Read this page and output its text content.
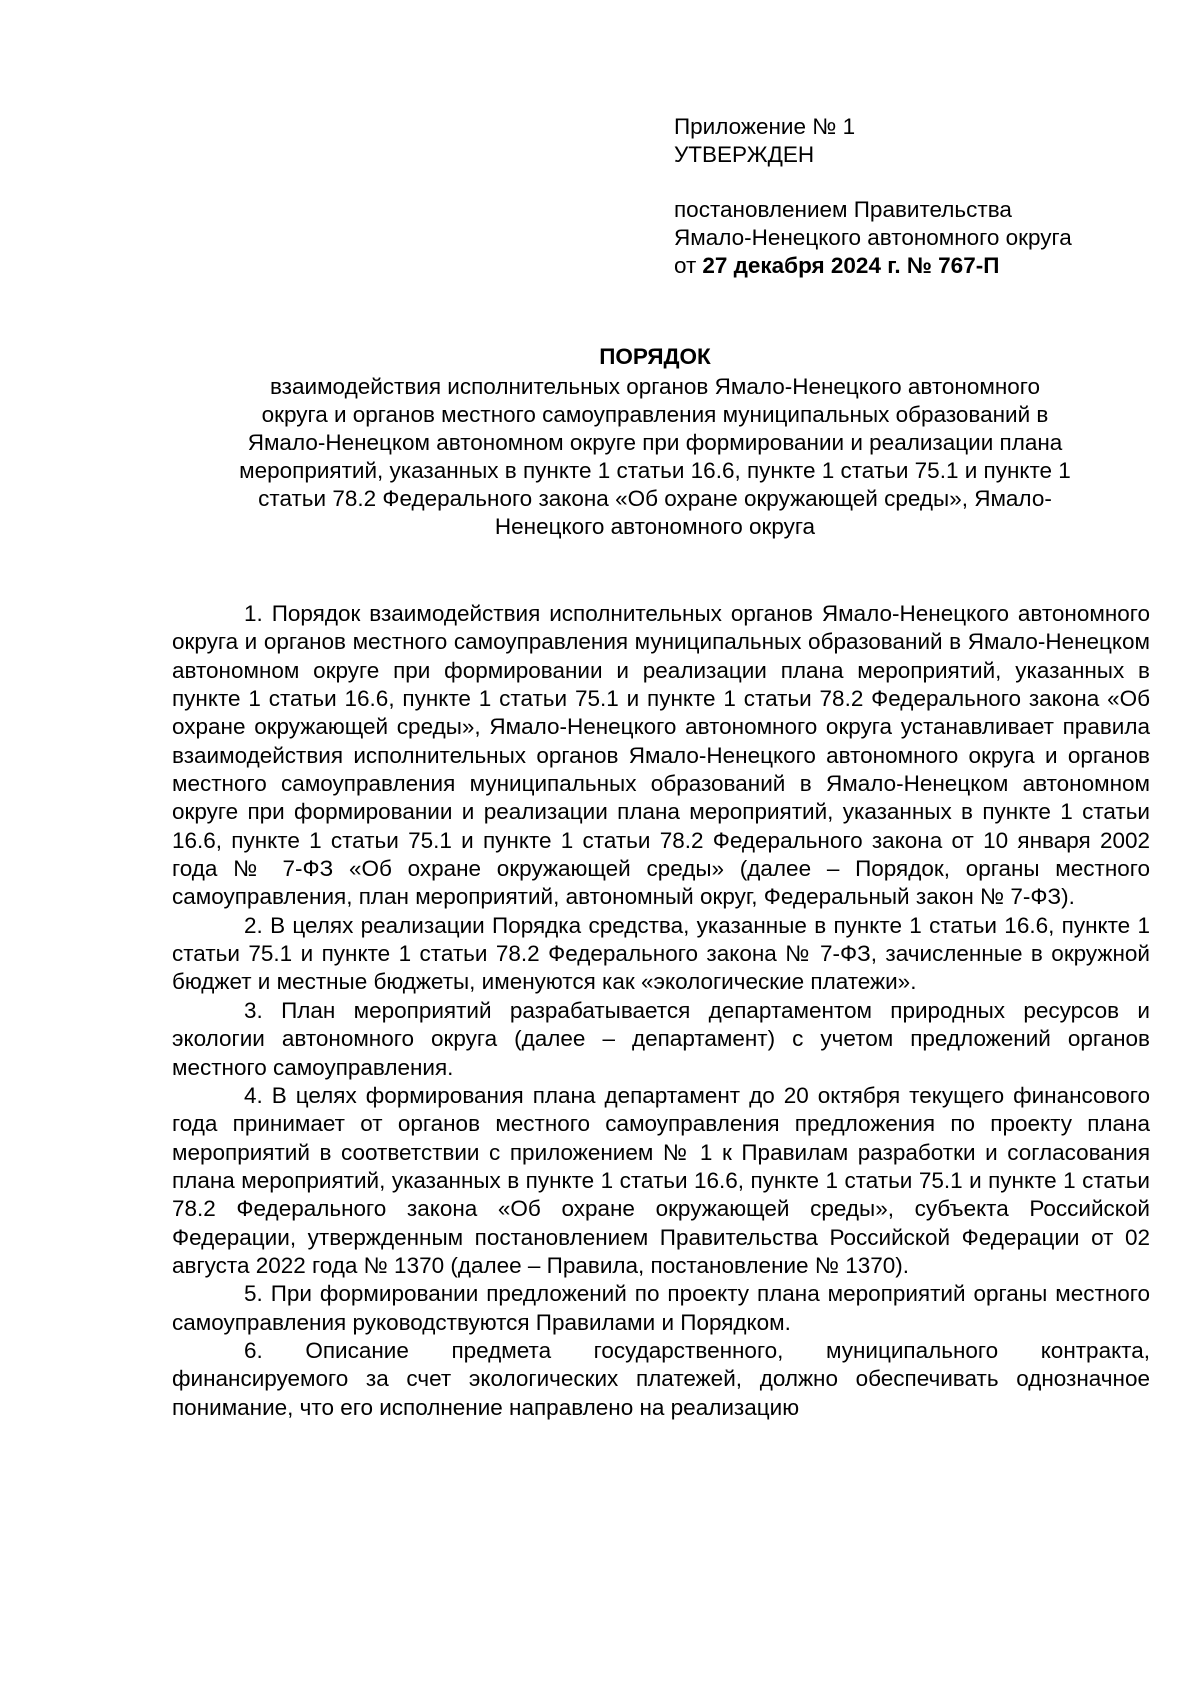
Приложение № 1
УТВЕРЖДЕН
постановлением Правительства
Ямало-Ненецкого автономного округа
от 27 декабря 2024 г. № 767-П
ПОРЯДОК
взаимодействия исполнительных органов Ямало-Ненецкого автономного
округа и органов местного самоуправления муниципальных образований в
Ямало-Ненецком автономном округе при формировании и реализации плана
мероприятий, указанных в пункте 1 статьи 16.6, пункте 1 статьи 75.1 и пункте 1
статьи 78.2 Федерального закона «Об охране окружающей среды», Ямало-
Ненецкого автономного округа

1. Порядок взаимодействия исполнительных органов Ямало-Ненецкого автономного округа и органов местного самоуправления муниципальных образований в Ямало-Ненецком автономном округе при формировании и реализации плана мероприятий, указанных в пункте 1 статьи 16.6, пункте 1 статьи 75.1 и пункте 1 статьи 78.2 Федерального закона «Об охране окружающей среды», Ямало-Ненецкого автономного округа устанавливает правила взаимодействия исполнительных органов Ямало-Ненецкого автономного округа и органов местного самоуправления муниципальных образований в Ямало-Ненецком автономном округе при формировании и реализации плана мероприятий, указанных в пункте 1 статьи 16.6, пункте 1 статьи 75.1 и пункте 1 статьи 78.2 Федерального закона от 10 января 2002 года № 7-ФЗ «Об охране окружающей среды» (далее – Порядок, органы местного самоуправления, план мероприятий, автономный округ, Федеральный закон № 7-ФЗ).

2. В целях реализации Порядка средства, указанные в пункте 1 статьи 16.6, пункте 1 статьи 75.1 и пункте 1 статьи 78.2 Федерального закона № 7-ФЗ, зачисленные в окружной бюджет и местные бюджеты, именуются как «экологические платежи».

3. План мероприятий разрабатывается департаментом природных ресурсов и экологии автономного округа (далее – департамент) с учетом предложений органов местного самоуправления.

4. В целях формирования плана департамент до 20 октября текущего финансового года принимает от органов местного самоуправления предложения по проекту плана мероприятий в соответствии с приложением № 1 к Правилам разработки и согласования плана мероприятий, указанных в пункте 1 статьи 16.6, пункте 1 статьи 75.1 и пункте 1 статьи 78.2 Федерального закона «Об охране окружающей среды», субъекта Российской Федерации, утвержденным постановлением Правительства Российской Федерации от 02 августа 2022 года № 1370 (далее – Правила, постановление № 1370).

5. При формировании предложений по проекту плана мероприятий органы местного самоуправления руководствуются Правилами и Порядком.

6. Описание предмета государственного, муниципального контракта, финансируемого за счет экологических платежей, должно обеспечивать однозначное понимание, что его исполнение направлено на реализацию
